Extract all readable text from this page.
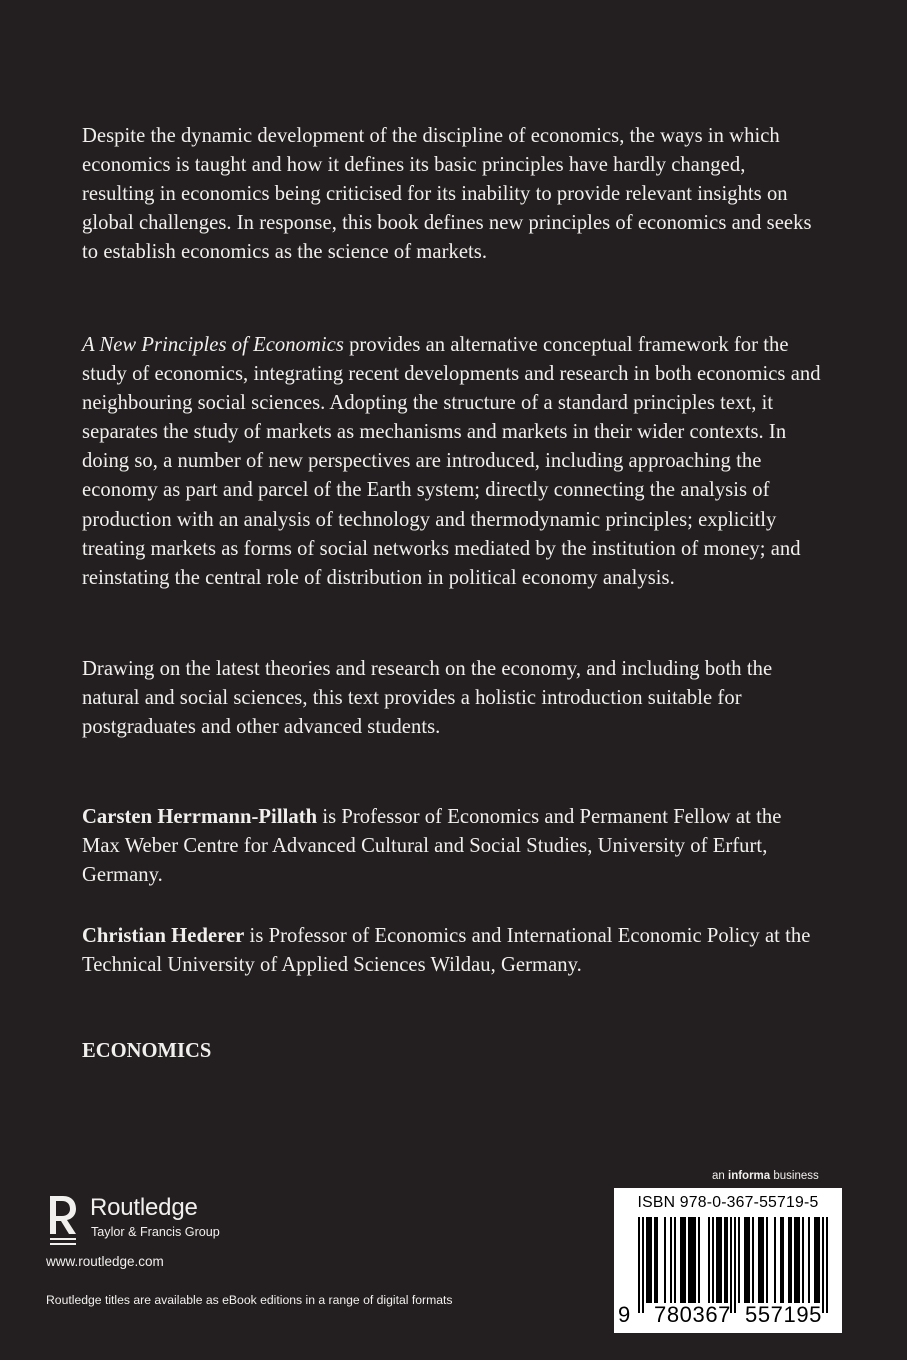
Despite the dynamic development of the discipline of economics, the ways in which economics is taught and how it defines its basic principles have hardly changed, resulting in economics being criticised for its inability to provide relevant insights on global challenges. In response, this book defines new principles of economics and seeks to establish economics as the science of markets.

A New Principles of Economics provides an alternative conceptual framework for the study of economics, integrating recent developments and research in both economics and neighbouring social sciences. Adopting the structure of a standard principles text, it separates the study of markets as mechanisms and markets in their wider contexts. In doing so, a number of new perspectives are introduced, including approaching the economy as part and parcel of the Earth system; directly connecting the analysis of production with an analysis of technology and thermodynamic principles; explicitly treating markets as forms of social networks mediated by the institution of money; and reinstating the central role of distribution in political economy analysis.

Drawing on the latest theories and research on the economy, and including both the natural and social sciences, this text provides a holistic introduction suitable for postgraduates and other advanced students.

Carsten Herrmann-Pillath is Professor of Economics and Permanent Fellow at the Max Weber Centre for Advanced Cultural and Social Studies, University of Erfurt, Germany.

Christian Hederer is Professor of Economics and International Economic Policy at the Technical University of Applied Sciences Wildau, Germany.

ECONOMICS

Routledge
Taylor & Francis Group
www.routledge.com
Routledge titles are available as eBook editions in a range of digital formats
an informa business
ISBN 978-0-367-55719-5
9 780367 557195
